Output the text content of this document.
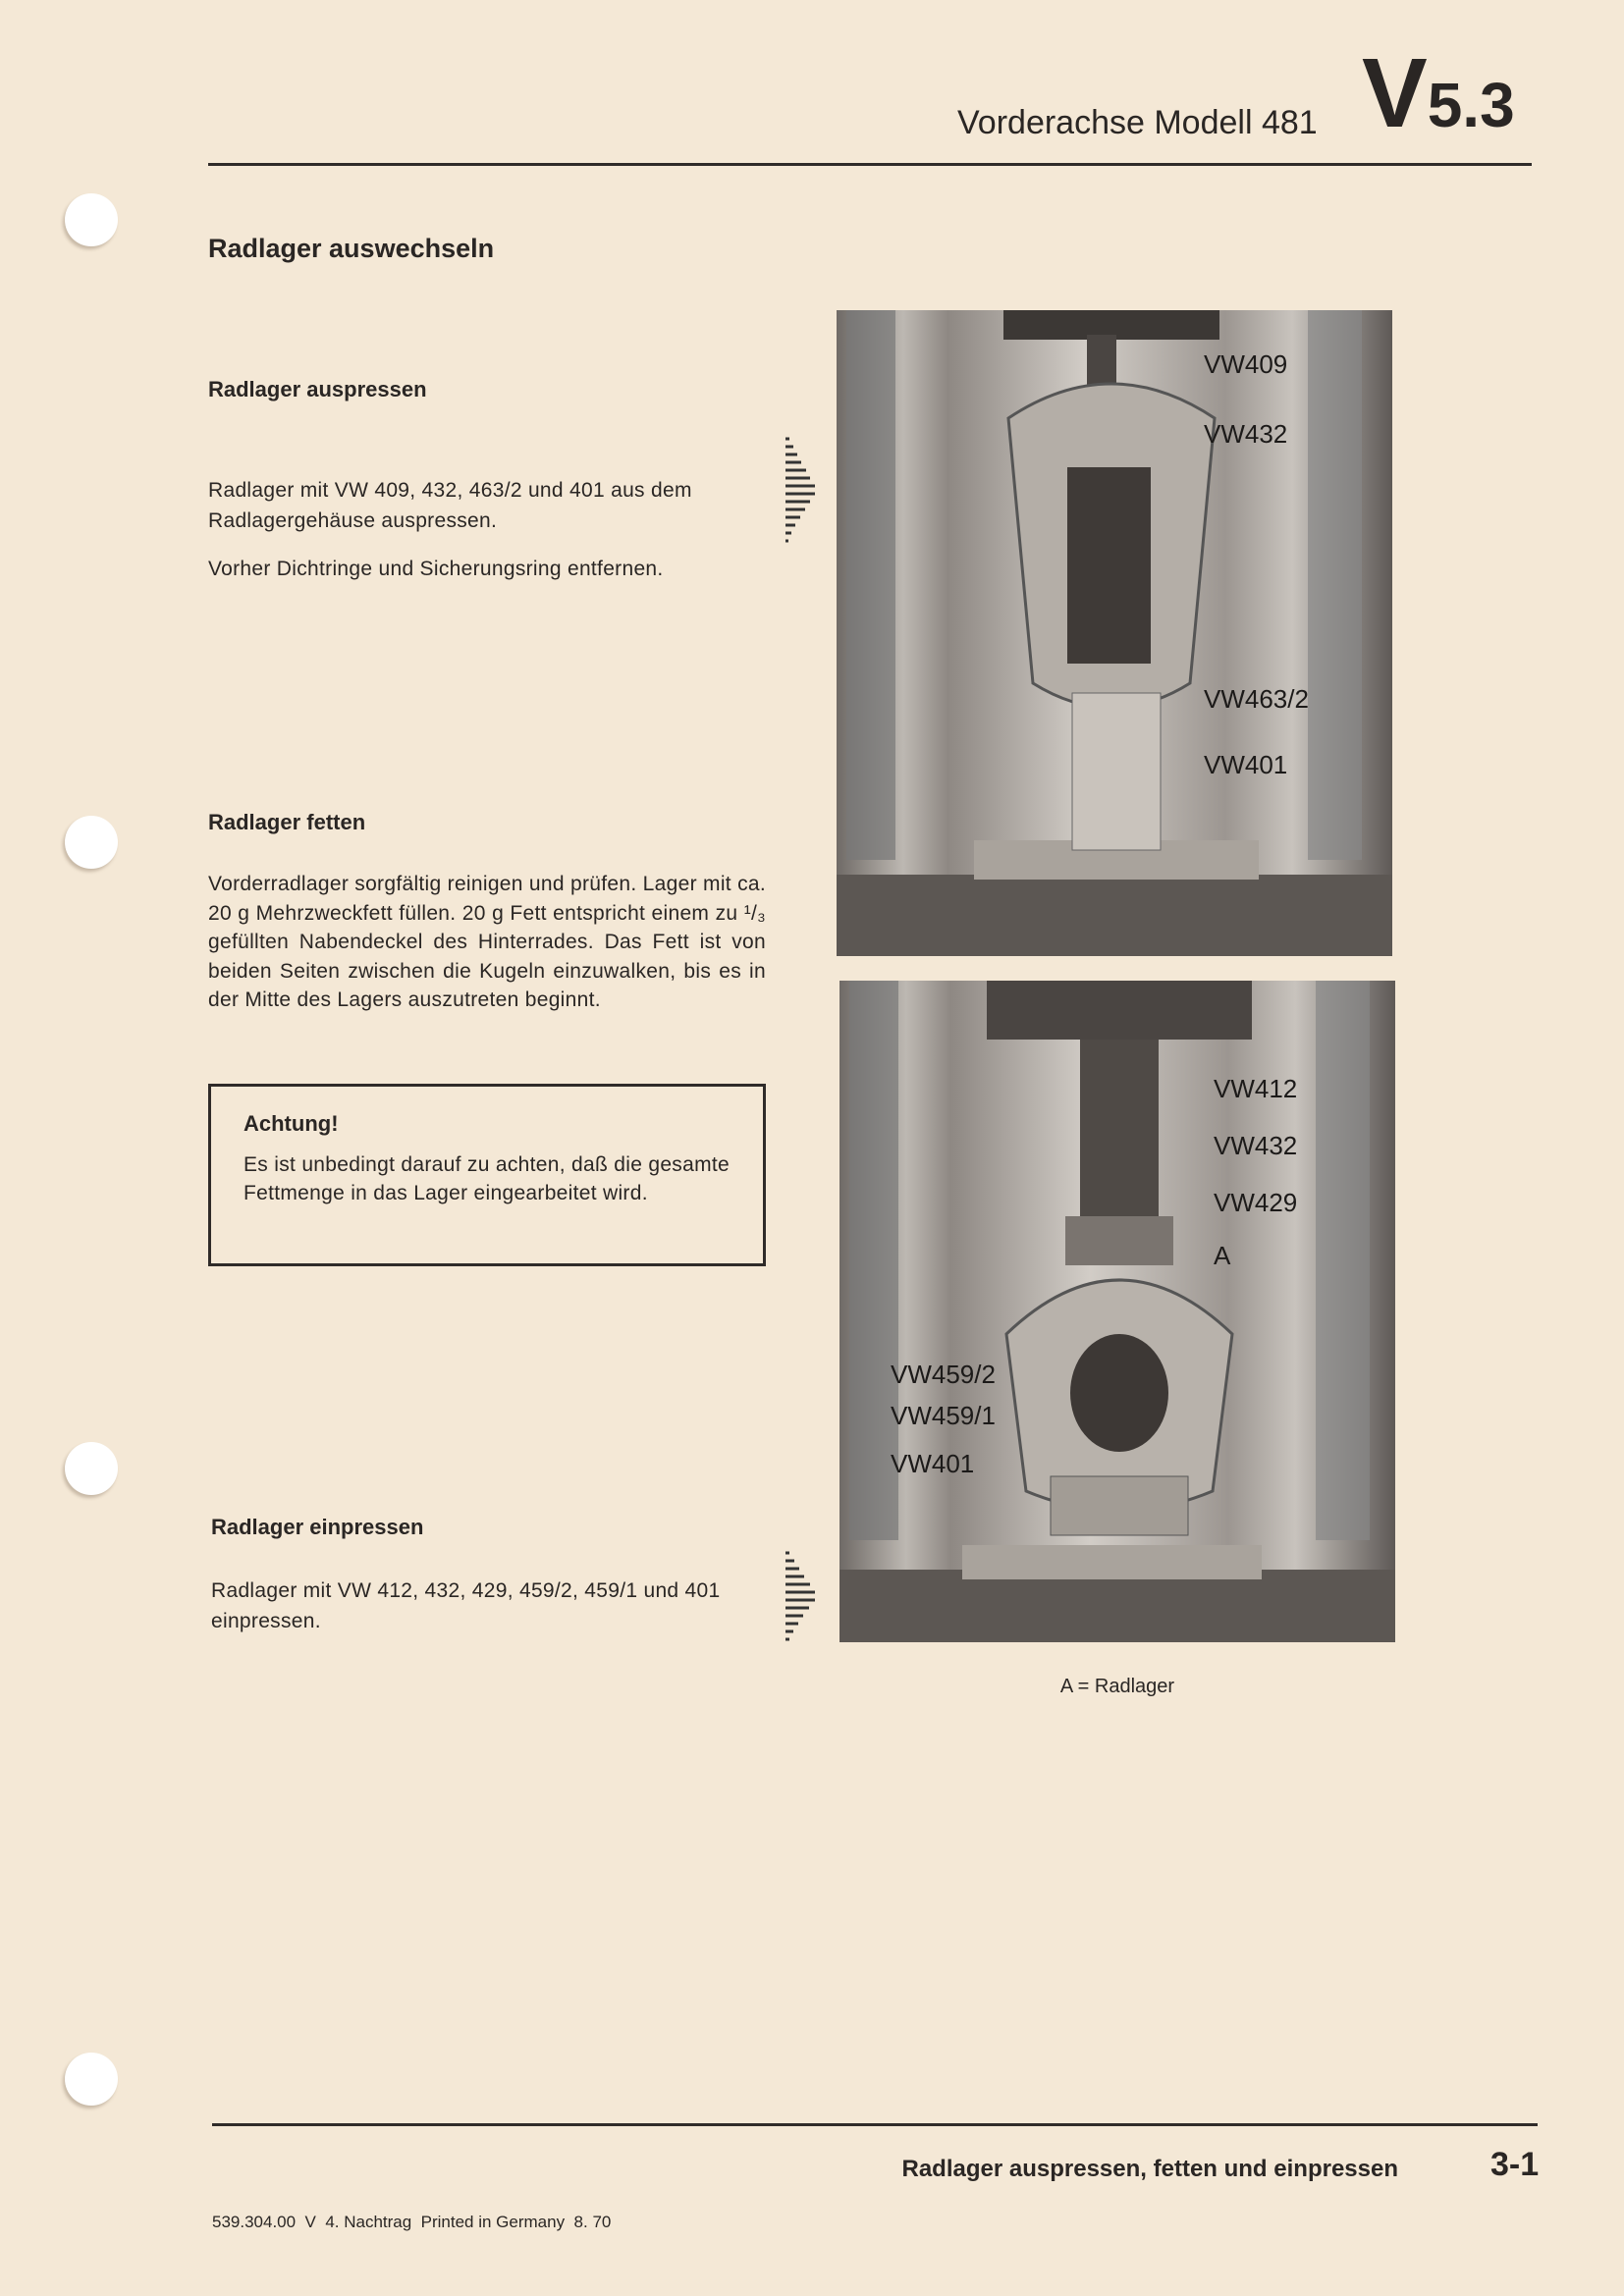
Vorderachse Modell 481 V5.3
Radlager auswechseln
Radlager auspressen
Radlager mit VW 409, 432, 463/2 und 401 aus dem Radlagergehäuse auspressen.
Vorher Dichtringe und Sicherungsring entfernen.
Radlager fetten
Vorderradlager sorgfältig reinigen und prüfen. Lager mit ca. 20 g Mehrzweckfett füllen. 20 g Fett entspricht einem zu ¹/₃ gefüllten Nabendeckel des Hinterrades. Das Fett ist von beiden Seiten zwischen die Kugeln einzuwalken, bis es in der Mitte des Lagers auszutreten beginnt.
Achtung!
Es ist unbedingt darauf zu achten, daß die gesamte Fettmenge in das Lager eingearbeitet wird.
Radlager einpressen
Radlager mit VW 412, 432, 429, 459/2, 459/1 und 401 einpressen.
VW409
VW432
VW463/2
VW401
VW412
VW432
VW429
A
VW459/2
VW459/1
VW401
A = Radlager
Radlager auspressen, fetten und einpressen	3-1
539.304.00  V  4. Nachtrag  Printed in Germany  8. 70
